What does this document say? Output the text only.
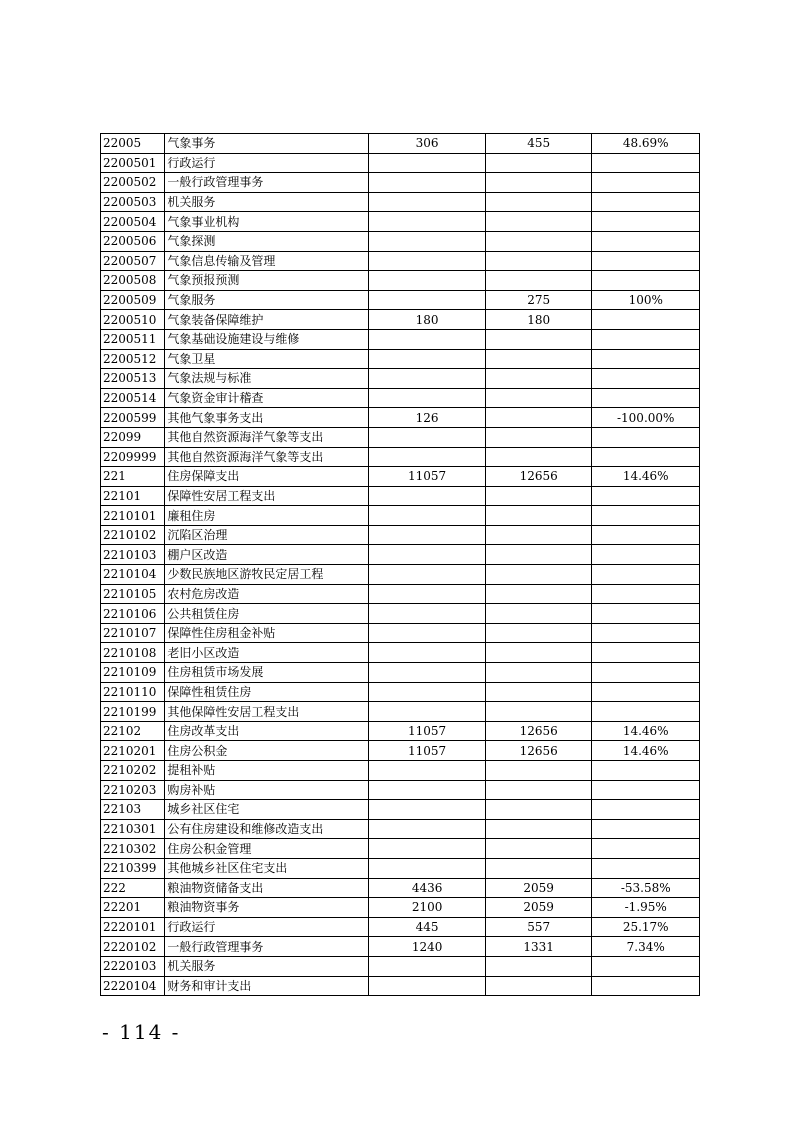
22005	气象事务	306	455	48.69%
2200501	行政运行			
2200502	一般行政管理事务			
2200503	机关服务			
2200504	气象事业机构			
2200506	气象探测			
2200507	气象信息传输及管理			
2200508	气象预报预测			
2200509	气象服务		275	100%
2200510	气象装备保障维护	180	180	
2200511	气象基础设施建设与维修			
2200512	气象卫星			
2200513	气象法规与标准			
2200514	气象资金审计稽查			
2200599	其他气象事务支出	126		-100.00%
22099	其他自然资源海洋气象等支出			
2209999	其他自然资源海洋气象等支出			
221	住房保障支出	11057	12656	14.46%
22101	保障性安居工程支出			
2210101	廉租住房			
2210102	沉陷区治理			
2210103	棚户区改造			
2210104	少数民族地区游牧民定居工程			
2210105	农村危房改造			
2210106	公共租赁住房			
2210107	保障性住房租金补贴			
2210108	老旧小区改造			
2210109	住房租赁市场发展			
2210110	保障性租赁住房			
2210199	其他保障性安居工程支出			
22102	住房改革支出	11057	12656	14.46%
2210201	住房公积金	11057	12656	14.46%
2210202	提租补贴			
2210203	购房补贴			
22103	城乡社区住宅			
2210301	公有住房建设和维修改造支出			
2210302	住房公积金管理			
2210399	其他城乡社区住宅支出			
222	粮油物资储备支出	4436	2059	-53.58%
22201	粮油物资事务	2100	2059	-1.95%
2220101	行政运行	445	557	25.17%
2220102	一般行政管理事务	1240	1331	7.34%
2220103	机关服务			
2220104	财务和审计支出			
- 114 -
